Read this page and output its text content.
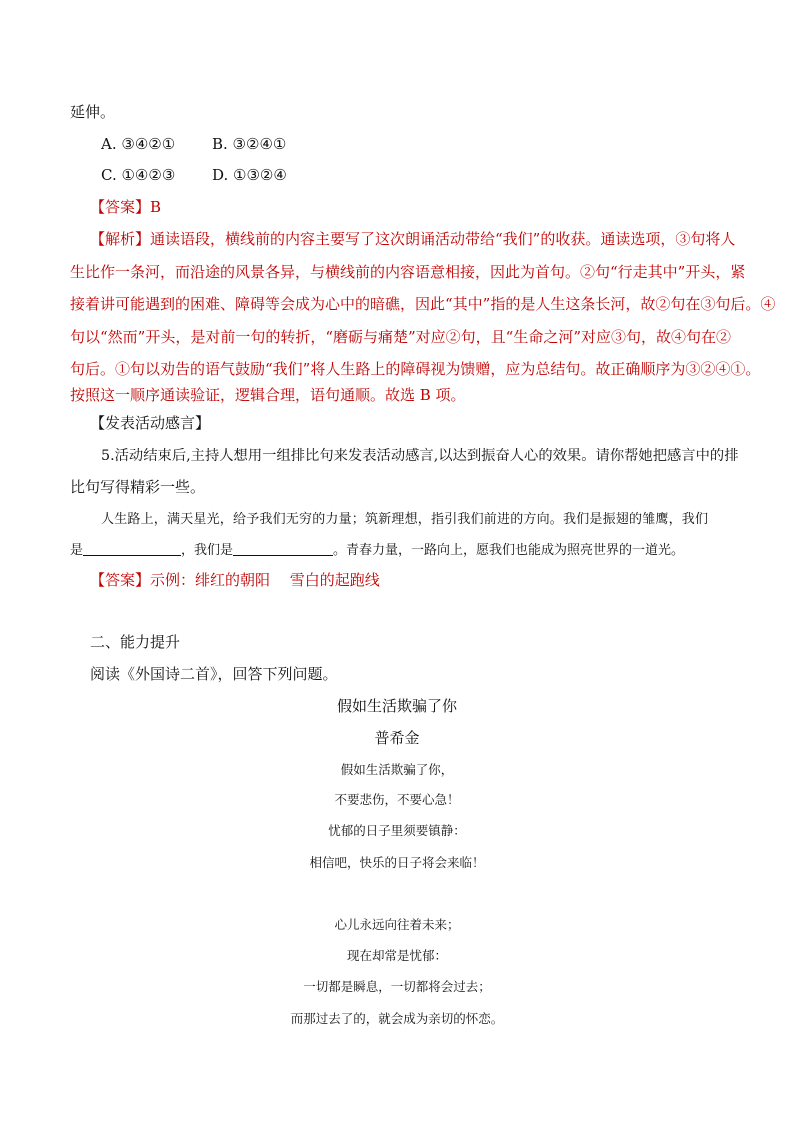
延伸。
A. ③④②① B. ③②④①
C. ①④②③ D. ①③②④
【答案】B
【解析】通读语段，横线前的内容主要写了这次朗诵活动带给“我们”的收获。通读选项，③句将人
生比作一条河，而沿途的风景各异，与横线前的内容语意相接，因此为首句。②句“行走其中”开头，紧
接着讲可能遇到的困难、障碍等会成为心中的暗礁，因此“其中”指的是人生这条长河，故②句在③句后。④
句以“然而”开头，是对前一句的转折，“磨砺与痛楚”对应②句，且“生命之河”对应③句，故④句在②
句后。①句以劝告的语气鼓励“我们”将人生路上的障碍视为馈赠，应为总结句。故正确顺序为③②④①。
按照这一顺序通读验证，逻辑合理，语句通顺。故选 B 项。
【发表活动感言】
5.活动结束后,主持人想用一组排比句来发表活动感言,以达到振奋人心的效果。请你帮她把感言中的排
比句写得精彩一些。
人生路上，满天星光，给予我们无穷的力量；筑新理想，指引我们前进的方向。我们是振翅的雏鹰，我们
是	，我们是	。青春力量，一路向上，愿我们也能成为照亮世界的一道光。
【答案】示例：绯红的朝阳　 雪白的起跑线
二、能力提升
阅读《外国诗二首》，回答下列问题。
假如生活欺骗了你
普希金
假如生活欺骗了你，
不要悲伤，不要心急！
忧郁的日子里须要镇静：
相信吧，快乐的日子将会来临！
心儿永远向往着未来；
现在却常是忧郁：
一切都是瞬息，一切都将会过去；
而那过去了的，就会成为亲切的怀恋。
